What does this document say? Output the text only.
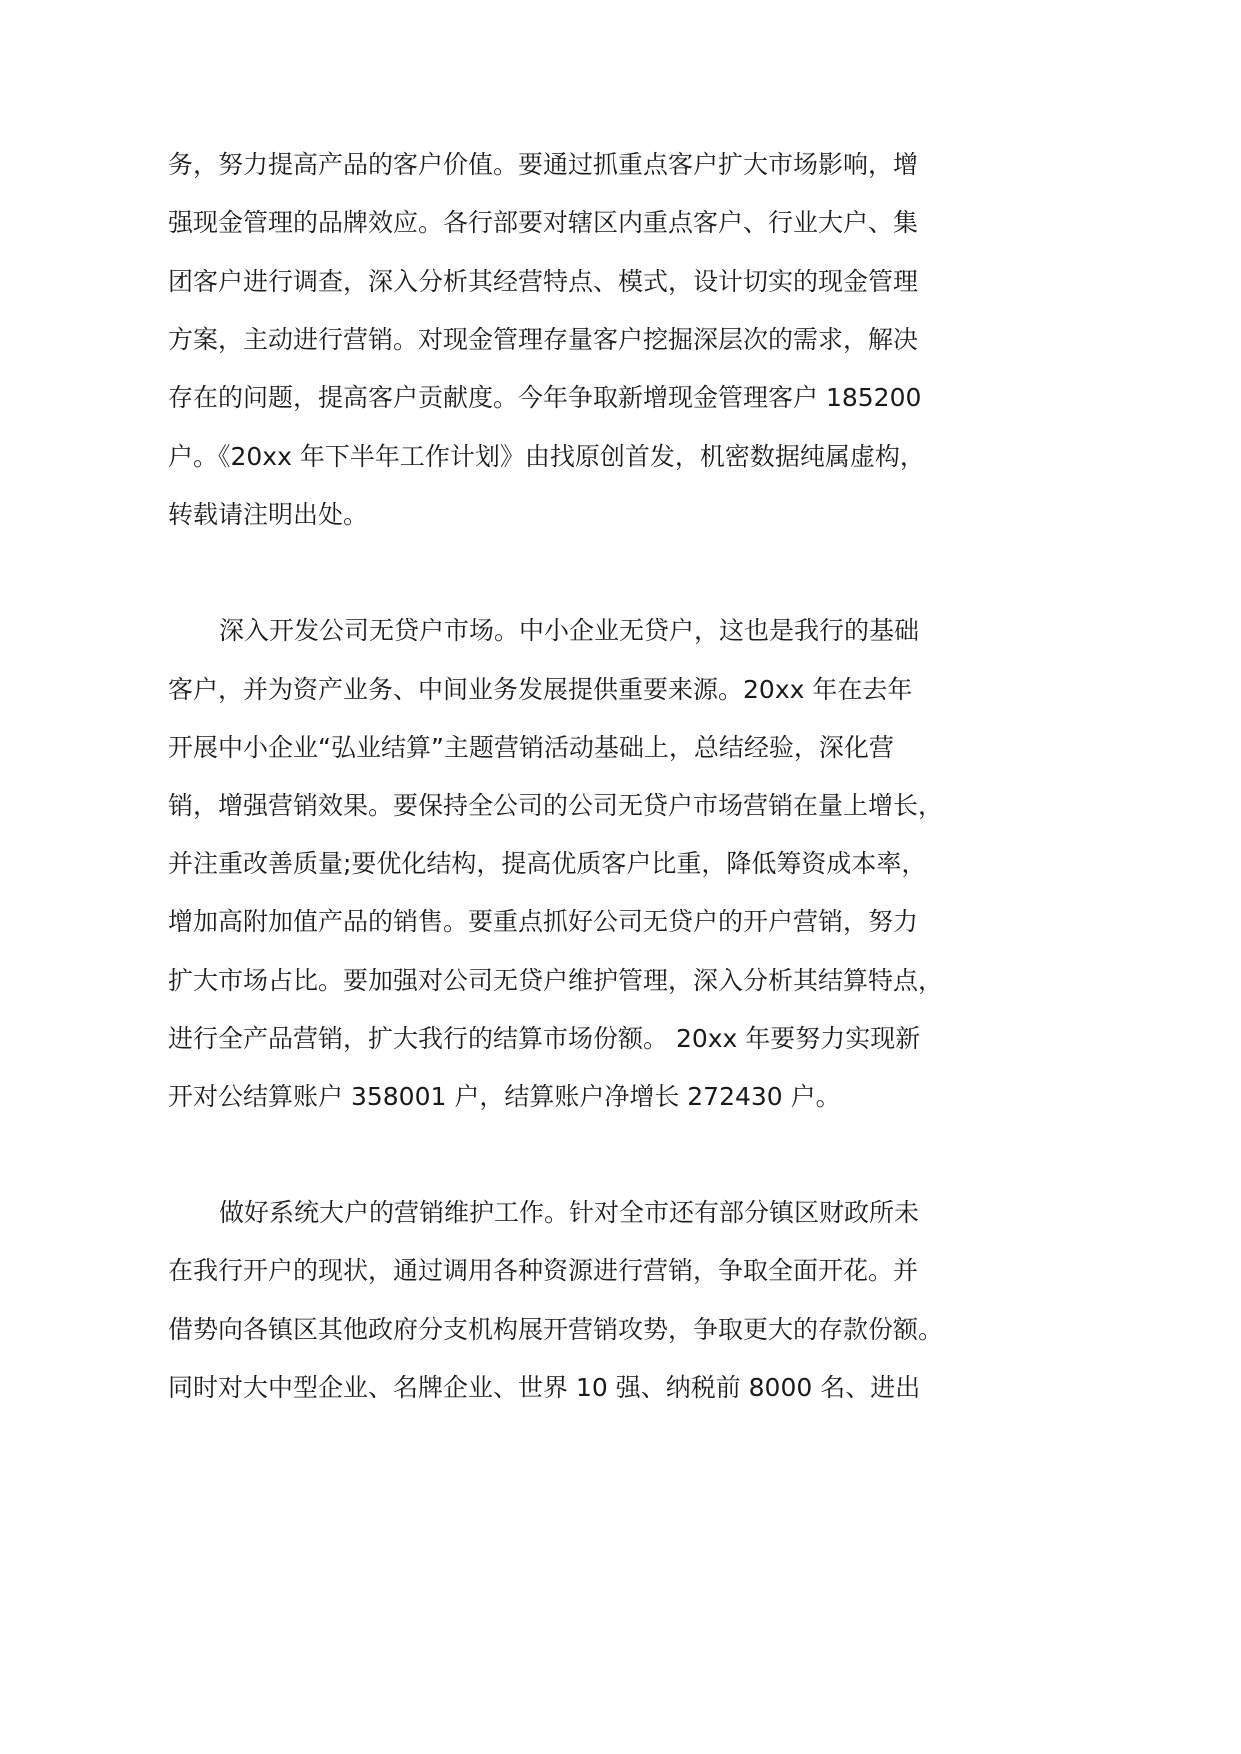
务，努力提高产品的客户价值。要通过抓重点客户扩大市场影响，增
强现金管理的品牌效应。各行部要对辖区内重点客户、行业大户、集
团客户进行调查，深入分析其经营特点、模式，设计切实的现金管理
方案，主动进行营销。对现金管理存量客户挖掘深层次的需求，解决
存在的问题，提高客户贡献度。今年争取新增现金管理客户 185200
户。《20xx 年下半年工作计划》由找原创首发，机密数据纯属虚构，
转载请注明出处。
深入开发公司无贷户市场。中小企业无贷户，这也是我行的基础
客户，并为资产业务、中间业务发展提供重要来源。20xx 年在去年
开展中小企业“弘业结算”主题营销活动基础上，总结经验，深化营
销，增强营销效果。要保持全公司的公司无贷户市场营销在量上增长，
并注重改善质量;要优化结构，提高优质客户比重，降低筹资成本率，
增加高附加值产品的销售。要重点抓好公司无贷户的开户营销，努力
扩大市场占比。要加强对公司无贷户维护管理，深入分析其结算特点，
进行全产品营销，扩大我行的结算市场份额。 20xx 年要努力实现新
开对公结算账户 358001 户，结算账户净增长 272430 户。
做好系统大户的营销维护工作。针对全市还有部分镇区财政所未
在我行开户的现状，通过调用各种资源进行营销，争取全面开花。并
借势向各镇区其他政府分支机构展开营销攻势，争取更大的存款份额。
同时对大中型企业、名牌企业、世界 10 强、纳税前 8000 名、进出
